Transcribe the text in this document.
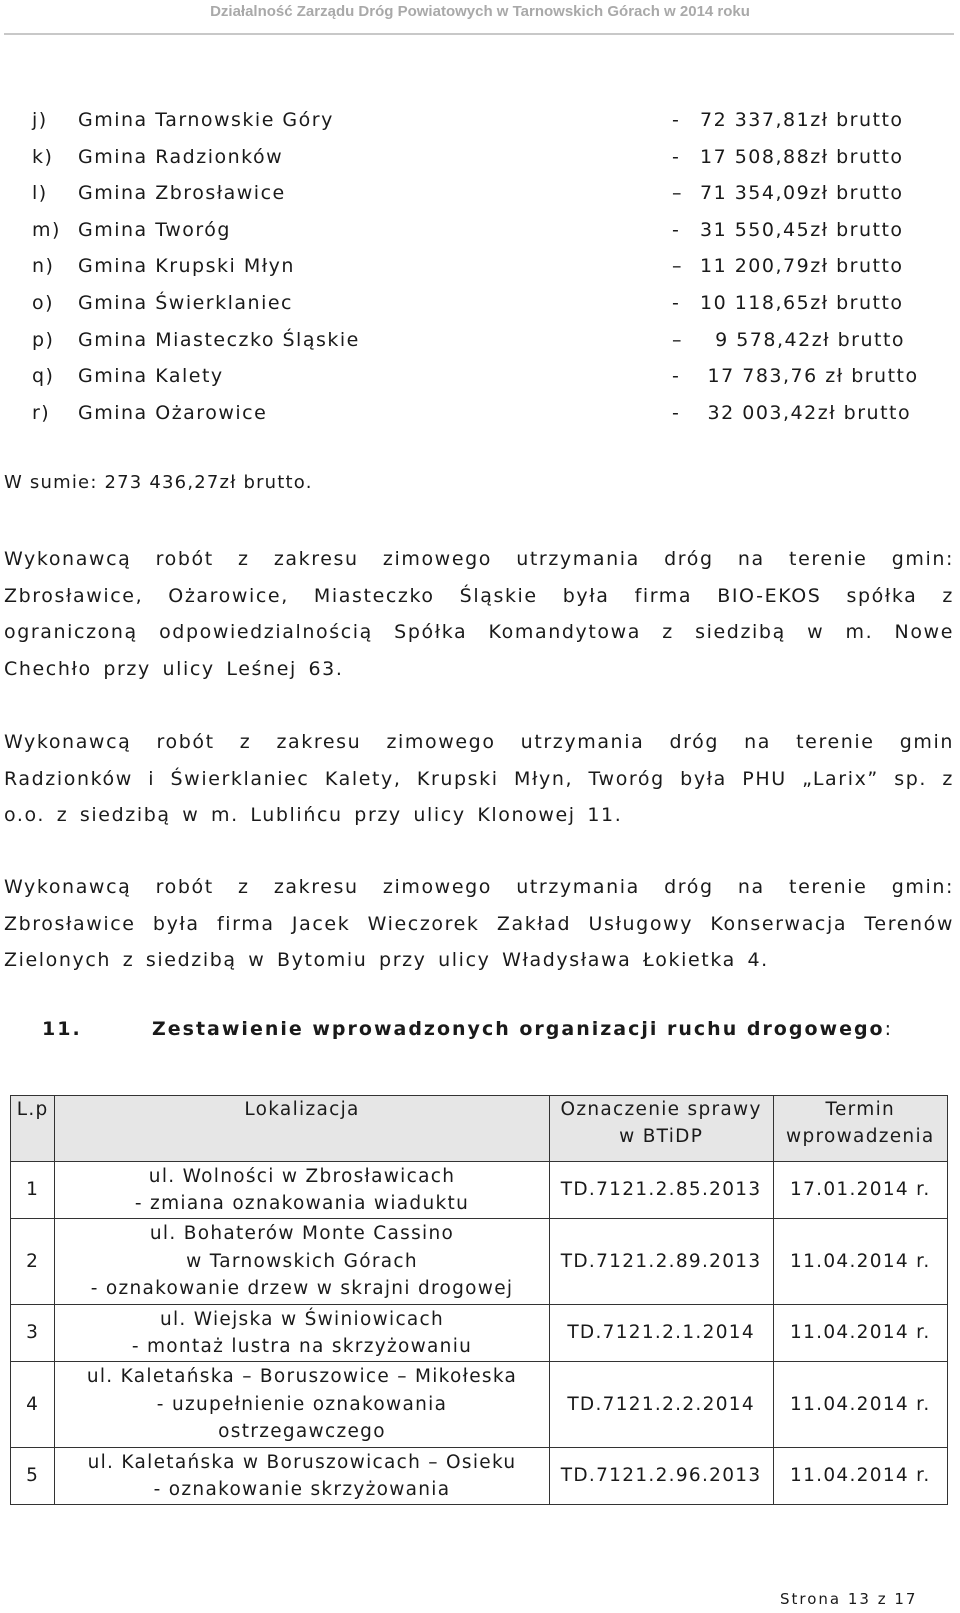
Działalność Zarządu Dróg Powiatowych w Tarnowskich Górach w 2014 roku
j) Gmina Tarnowskie Góry	- 72 337,81zł brutto
k) Gmina Radzionków	- 17 508,88zł brutto
l) Gmina Zbrosławice	– 71 354,09zł brutto
m) Gmina Tworóg	- 31 550,45zł brutto
n) Gmina Krupski Młyn	– 11 200,79zł brutto
o) Gmina Świerklaniec	- 10 118,65zł brutto
p) Gmina Miasteczko Śląskie	– 9 578,42zł brutto
q) Gmina Kalety	- 17 783,76 zł brutto
r) Gmina Ożarowice	- 32 003,42zł brutto
W sumie: 273 436,27zł brutto.

Wykonawcą robót z zakresu zimowego utrzymania dróg na terenie gmin: Zbrosławice, Ożarowice, Miasteczko Śląskie była firma BIO-EKOS spółka z ograniczoną odpowiedzialnością Spółka Komandytowa z siedzibą w m. Nowe Chechło przy ulicy Leśnej 63.

Wykonawcą robót z zakresu zimowego utrzymania dróg na terenie gmin Radzionków i Świerklaniec Kalety, Krupski Młyn, Tworóg była PHU „Larix” sp. z o.o. z siedzibą w m. Lublińcu przy ulicy Klonowej 11.

Wykonawcą robót z zakresu zimowego utrzymania dróg na terenie gmin: Zbrosławice była firma Jacek Wieczorek Zakład Usługowy Konserwacja Terenów Zielonych z siedzibą w Bytomiu przy ulicy Władysława Łokietka 4.

11.	Zestawienie wprowadzonych organizacji ruchu drogowego:
L.p	Lokalizacja	Oznaczenie sprawy w BTiDP	Termin wprowadzenia
1	ul. Wolności w Zbrosławicach
- zmiana oznakowania wiaduktu	TD.7121.2.85.2013	17.01.2014 r.
2	ul. Bohaterów Monte Cassino
w Tarnowskich Górach
- oznakowanie drzew w skrajni drogowej	TD.7121.2.89.2013	11.04.2014 r.
3	ul. Wiejska w Świniowicach
- montaż lustra na skrzyżowaniu	TD.7121.2.1.2014	11.04.2014 r.
4	ul. Kaletańska – Boruszowice – Mikołeska
- uzupełnienie oznakowania
ostrzegawczego	TD.7121.2.2.2014	11.04.2014 r.
5	ul. Kaletańska w Boruszowicach – Osieku
- oznakowanie skrzyżowania	TD.7121.2.96.2013	11.04.2014 r.
Strona 13 z 17
